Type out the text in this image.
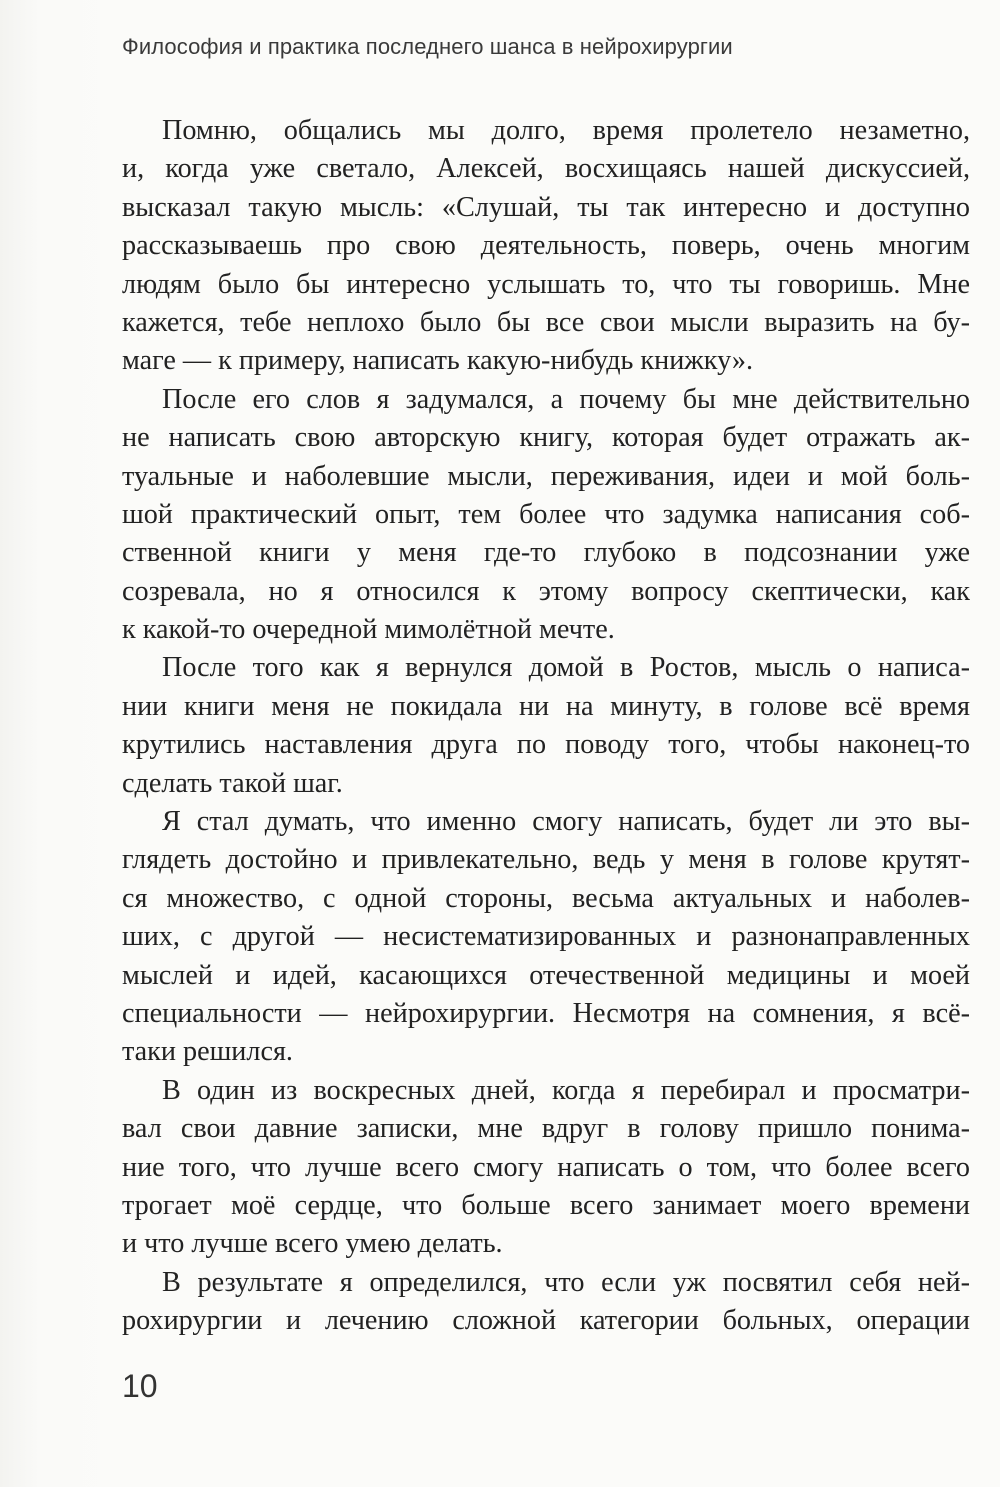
Философия и практика последнего шанса в нейрохирургии
Помню, общались мы долго, время пролетело незаметно,
и, когда уже светало, Алексей, восхищаясь нашей дискуссией,
высказал такую мысль: «Слушай, ты так интересно и доступно
рассказываешь про свою деятельность, поверь, очень многим
людям было бы интересно услышать то, что ты говоришь. Мне
кажется, тебе неплохо было бы все свои мысли выразить на бу-
маге — к примеру, написать какую-нибудь книжку».
После его слов я задумался, а почему бы мне действительно
не написать свою авторскую книгу, которая будет отражать ак-
туальные и наболевшие мысли, переживания, идеи и мой боль-
шой практический опыт, тем более что задумка написания соб-
ственной книги у меня где-то глубоко в подсознании уже
созревала, но я относился к этому вопросу скептически, как
к какой-то очередной мимолётной мечте.
После того как я вернулся домой в Ростов, мысль о написа-
нии книги меня не покидала ни на минуту, в голове всё время
крутились наставления друга по поводу того, чтобы наконец-то
сделать такой шаг.
Я стал думать, что именно смогу написать, будет ли это вы-
глядеть достойно и привлекательно, ведь у меня в голове крутят-
ся множество, с одной стороны, весьма актуальных и наболев-
ших, с другой — несистематизированных и разнонаправленных
мыслей и идей, касающихся отечественной медицины и моей
специальности — нейрохирургии. Несмотря на сомнения, я всё-
таки решился.
В один из воскресных дней, когда я перебирал и просматри-
вал свои давние записки, мне вдруг в голову пришло понима-
ние того, что лучше всего смогу написать о том, что более всего
трогает моё сердце, что больше всего занимает моего времени
и что лучше всего умею делать.
В результате я определился, что если уж посвятил себя ней-
рохирургии и лечению сложной категории больных, операции
10
